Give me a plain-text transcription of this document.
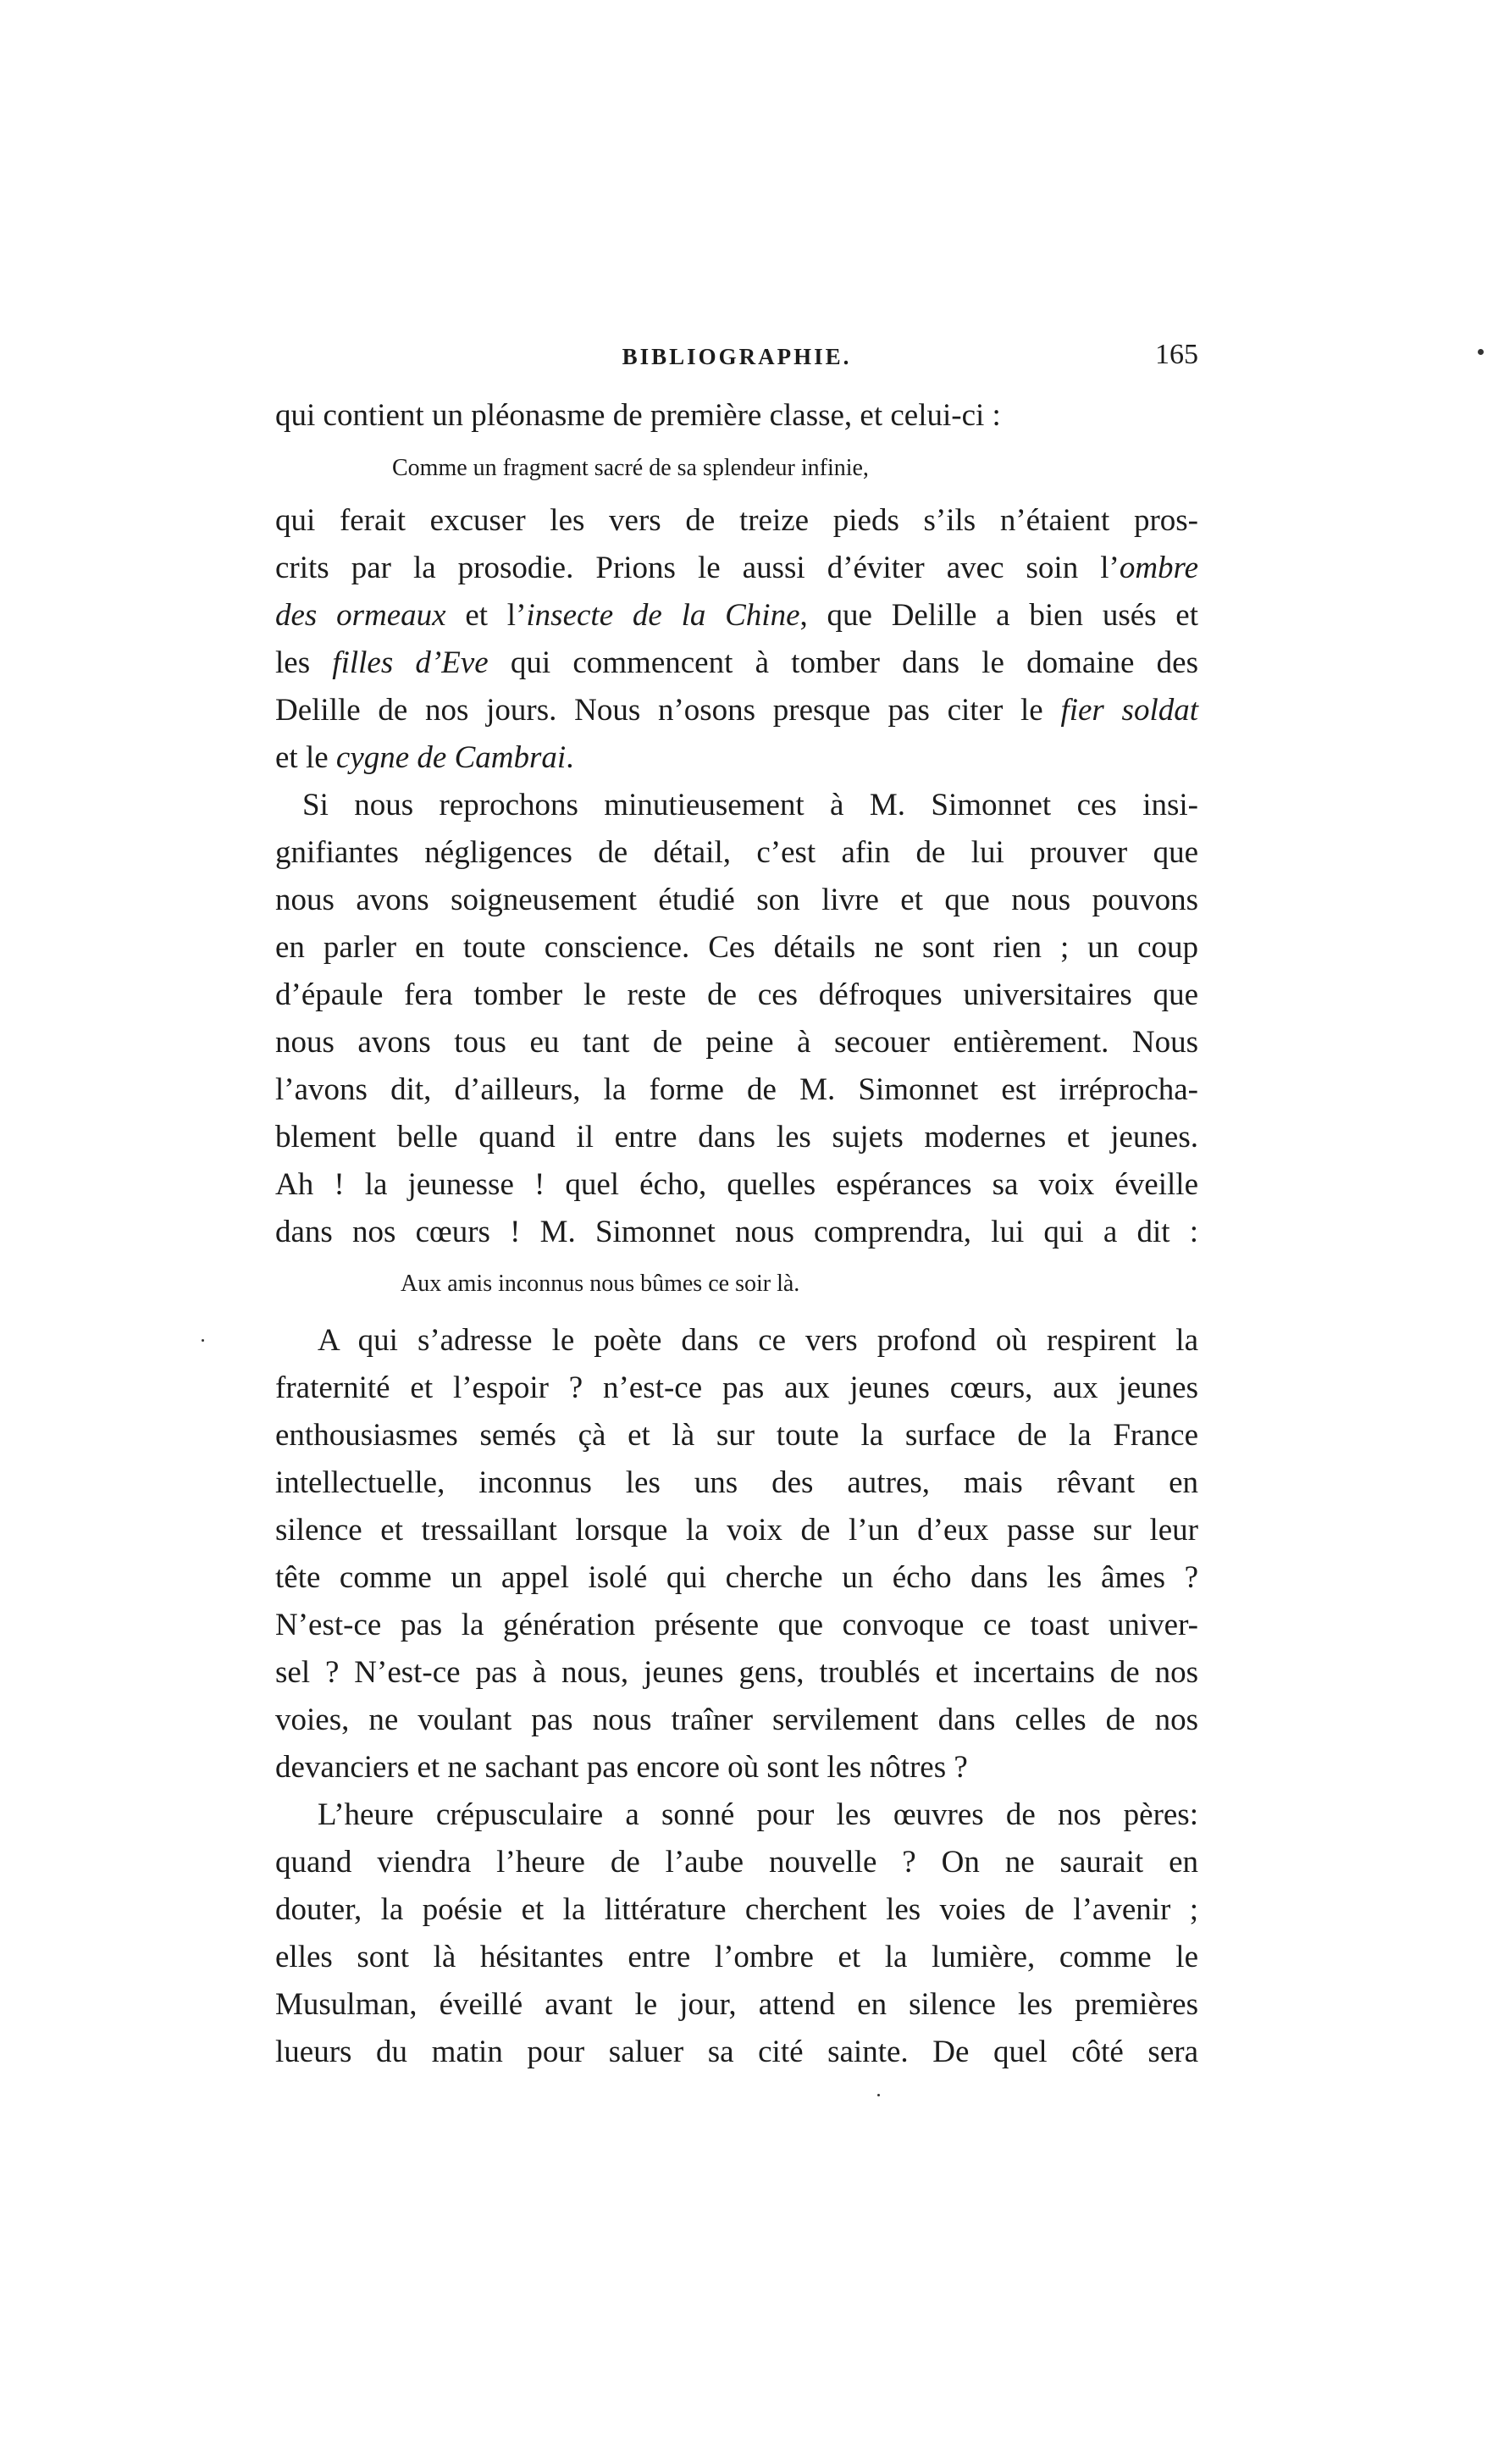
BIBLIOGRAPHIE.	165
qui contient un pléonasme de première classe, et celui-ci :
Comme un fragment sacré de sa splendeur infinie,
qui ferait excuser les vers de treize pieds s’ils n’étaient pros-
crits par la prosodie. Prions le aussi d’éviter avec soin l’ombre
des ormeaux et l’insecte de la Chine, que Delille a bien usés et
les filles d’Eve qui commencent à tomber dans le domaine des
Delille de nos jours. Nous n’osons presque pas citer le fier soldat
et le cygne de Cambrai.
Si nous reprochons minutieusement à M. Simonnet ces insi-
gnifiantes négligences de détail, c’est afin de lui prouver que
nous avons soigneusement étudié son livre et que nous pouvons
en parler en toute conscience. Ces détails ne sont rien ; un coup
d’épaule fera tomber le reste de ces défroques universitaires que
nous avons tous eu tant de peine à secouer entièrement. Nous
l’avons dit, d’ailleurs, la forme de M. Simonnet est irréprocha-
blement belle quand il entre dans les sujets modernes et jeunes.
Ah ! la jeunesse ! quel écho, quelles espérances sa voix éveille
dans nos cœurs ! M. Simonnet nous comprendra, lui qui a dit :
Aux amis inconnus nous bûmes ce soir là.
A qui s’adresse le poète dans ce vers profond où respirent la
fraternité et l’espoir ? n’est-ce pas aux jeunes cœurs, aux jeunes
enthousiasmes semés çà et là sur toute la surface de la France
intellectuelle, inconnus les uns des autres, mais rêvant en
silence et tressaillant lorsque la voix de l’un d’eux passe sur leur
tête comme un appel isolé qui cherche un écho dans les âmes ?
N’est-ce pas la génération présente que convoque ce toast univer-
sel ? N’est-ce pas à nous, jeunes gens, troublés et incertains de nos
voies, ne voulant pas nous traîner servilement dans celles de nos
devanciers et ne sachant pas encore où sont les nôtres ?
L’heure crépusculaire a sonné pour les œuvres de nos pères:
quand viendra l’heure de l’aube nouvelle ? On ne saurait en
douter, la poésie et la littérature cherchent les voies de l’avenir ;
elles sont là hésitantes entre l’ombre et la lumière, comme le
Musulman, éveillé avant le jour, attend en silence les premières
lueurs du matin pour saluer sa cité sainte. De quel côté sera
